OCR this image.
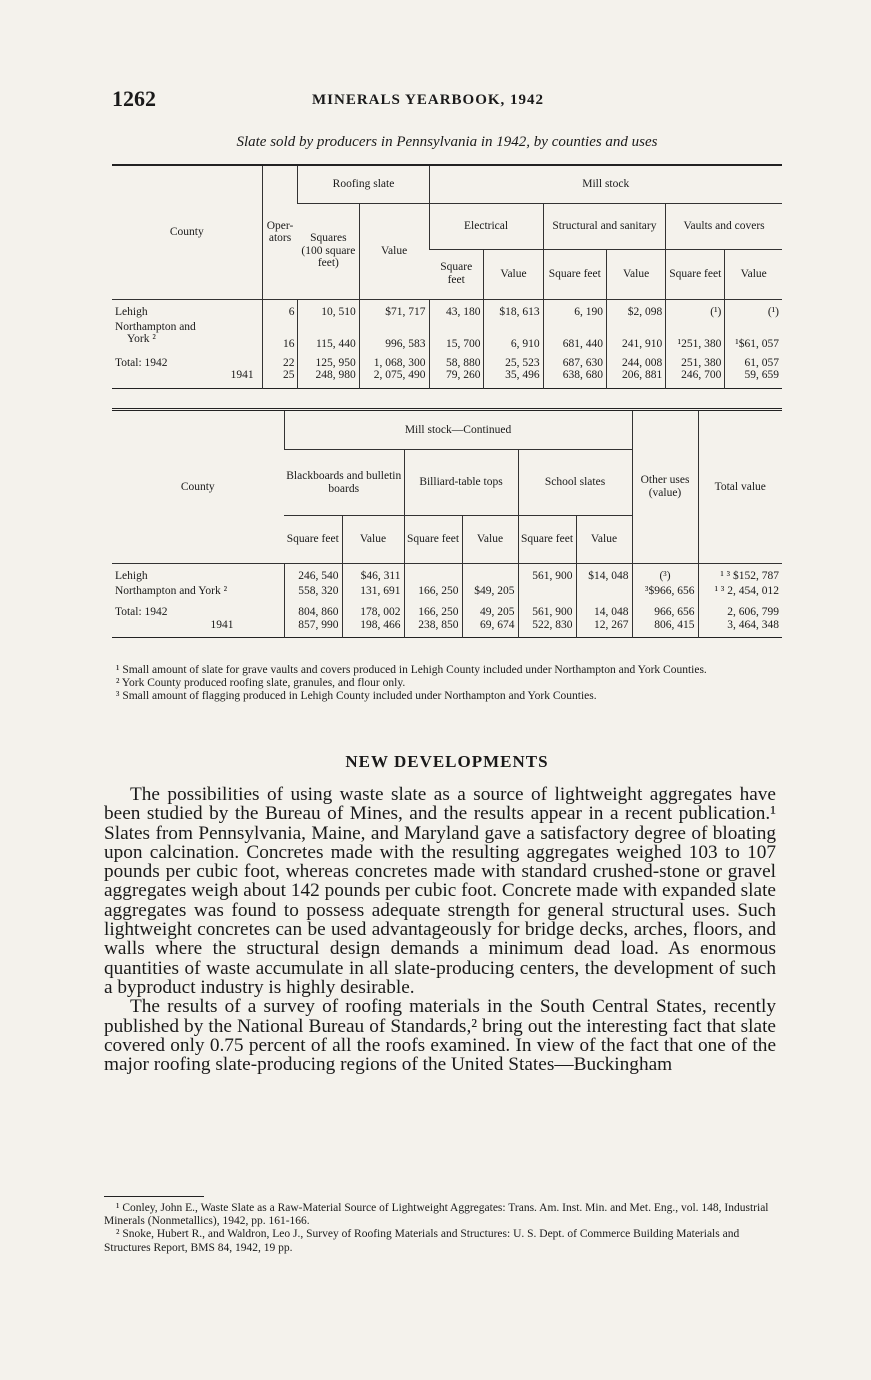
1262	MINERALS YEARBOOK, 1942
Slate sold by producers in Pennsylvania in 1942, by counties and uses
County	Oper- ators	Roofing slate		Mill stock					
		Squares (100 square feet)	Value	Electrical		Structural and sanitary		Vaults and covers	
				Square feet	Value	Square feet	Value	Square feet	Value

Lehigh	6	10, 510	$71, 717	43, 180	$18, 613	6, 190	$2, 098	(¹)	(¹)

Northampton and
York ²	16	115, 440	996, 583	15, 700	6, 910	681, 440	241, 910	¹251, 380	¹$61, 057

Total: 1942	22	125, 950	1, 068, 300	58, 880	25, 523	687, 630	244, 008	251, 380	61, 057
1941	25	248, 980	2, 075, 490	79, 260	35, 496	638, 680	206, 881	246, 700	59, 659

County	Mill stock—Continued						Other uses (value)	Total value
	Blackboards and bulletin boards		Billiard-table tops		School slates			
	Square feet	Value	Square feet	Value	Square feet	Value		

Lehigh	246, 540	$46, 311			561, 900	$14, 048	(³)	¹ ³ $152, 787
Northampton and York ²	558, 320	131, 691	166, 250	$49, 205			³$966, 656	¹ ³ 2, 454, 012

Total: 1942	804, 860	178, 002	166, 250	49, 205	561, 900	14, 048	966, 656	2, 606, 799
1941	857, 990	198, 466	238, 850	69, 674	522, 830	12, 267	806, 415	3, 464, 348

¹ Small amount of slate for grave vaults and covers produced in Lehigh County included under Northampton and York Counties.

² York County produced roofing slate, granules, and flour only.

³ Small amount of flagging produced in Lehigh County included under Northampton and York Counties.

NEW DEVELOPMENTS

The possibilities of using waste slate as a source of lightweight aggregates have been studied by the Bureau of Mines, and the results appear in a recent publication.¹ Slates from Pennsylvania, Maine, and Maryland gave a satisfactory degree of bloating upon calcination. Concretes made with the resulting aggregates weighed 103 to 107 pounds per cubic foot, whereas concretes made with standard crushed-stone or gravel aggregates weigh about 142 pounds per cubic foot. Concrete made with expanded slate aggregates was found to possess adequate strength for general structural uses. Such lightweight concretes can be used advantageously for bridge decks, arches, floors, and walls where the structural design demands a minimum dead load. As enormous quantities of waste accumulate in all slate-producing centers, the development of such a byproduct industry is highly desirable.

The results of a survey of roofing materials in the South Central States, recently published by the National Bureau of Standards,² bring out the interesting fact that slate covered only 0.75 percent of all the roofs examined. In view of the fact that one of the major roofing slate-producing regions of the United States—Buckingham

¹ Conley, John E., Waste Slate as a Raw-Material Source of Lightweight Aggregates: Trans. Am. Inst. Min. and Met. Eng., vol. 148, Industrial Minerals (Nonmetallics), 1942, pp. 161-166.

² Snoke, Hubert R., and Waldron, Leo J., Survey of Roofing Materials and Structures: U. S. Dept. of Commerce Building Materials and Structures Report, BMS 84, 1942, 19 pp.
